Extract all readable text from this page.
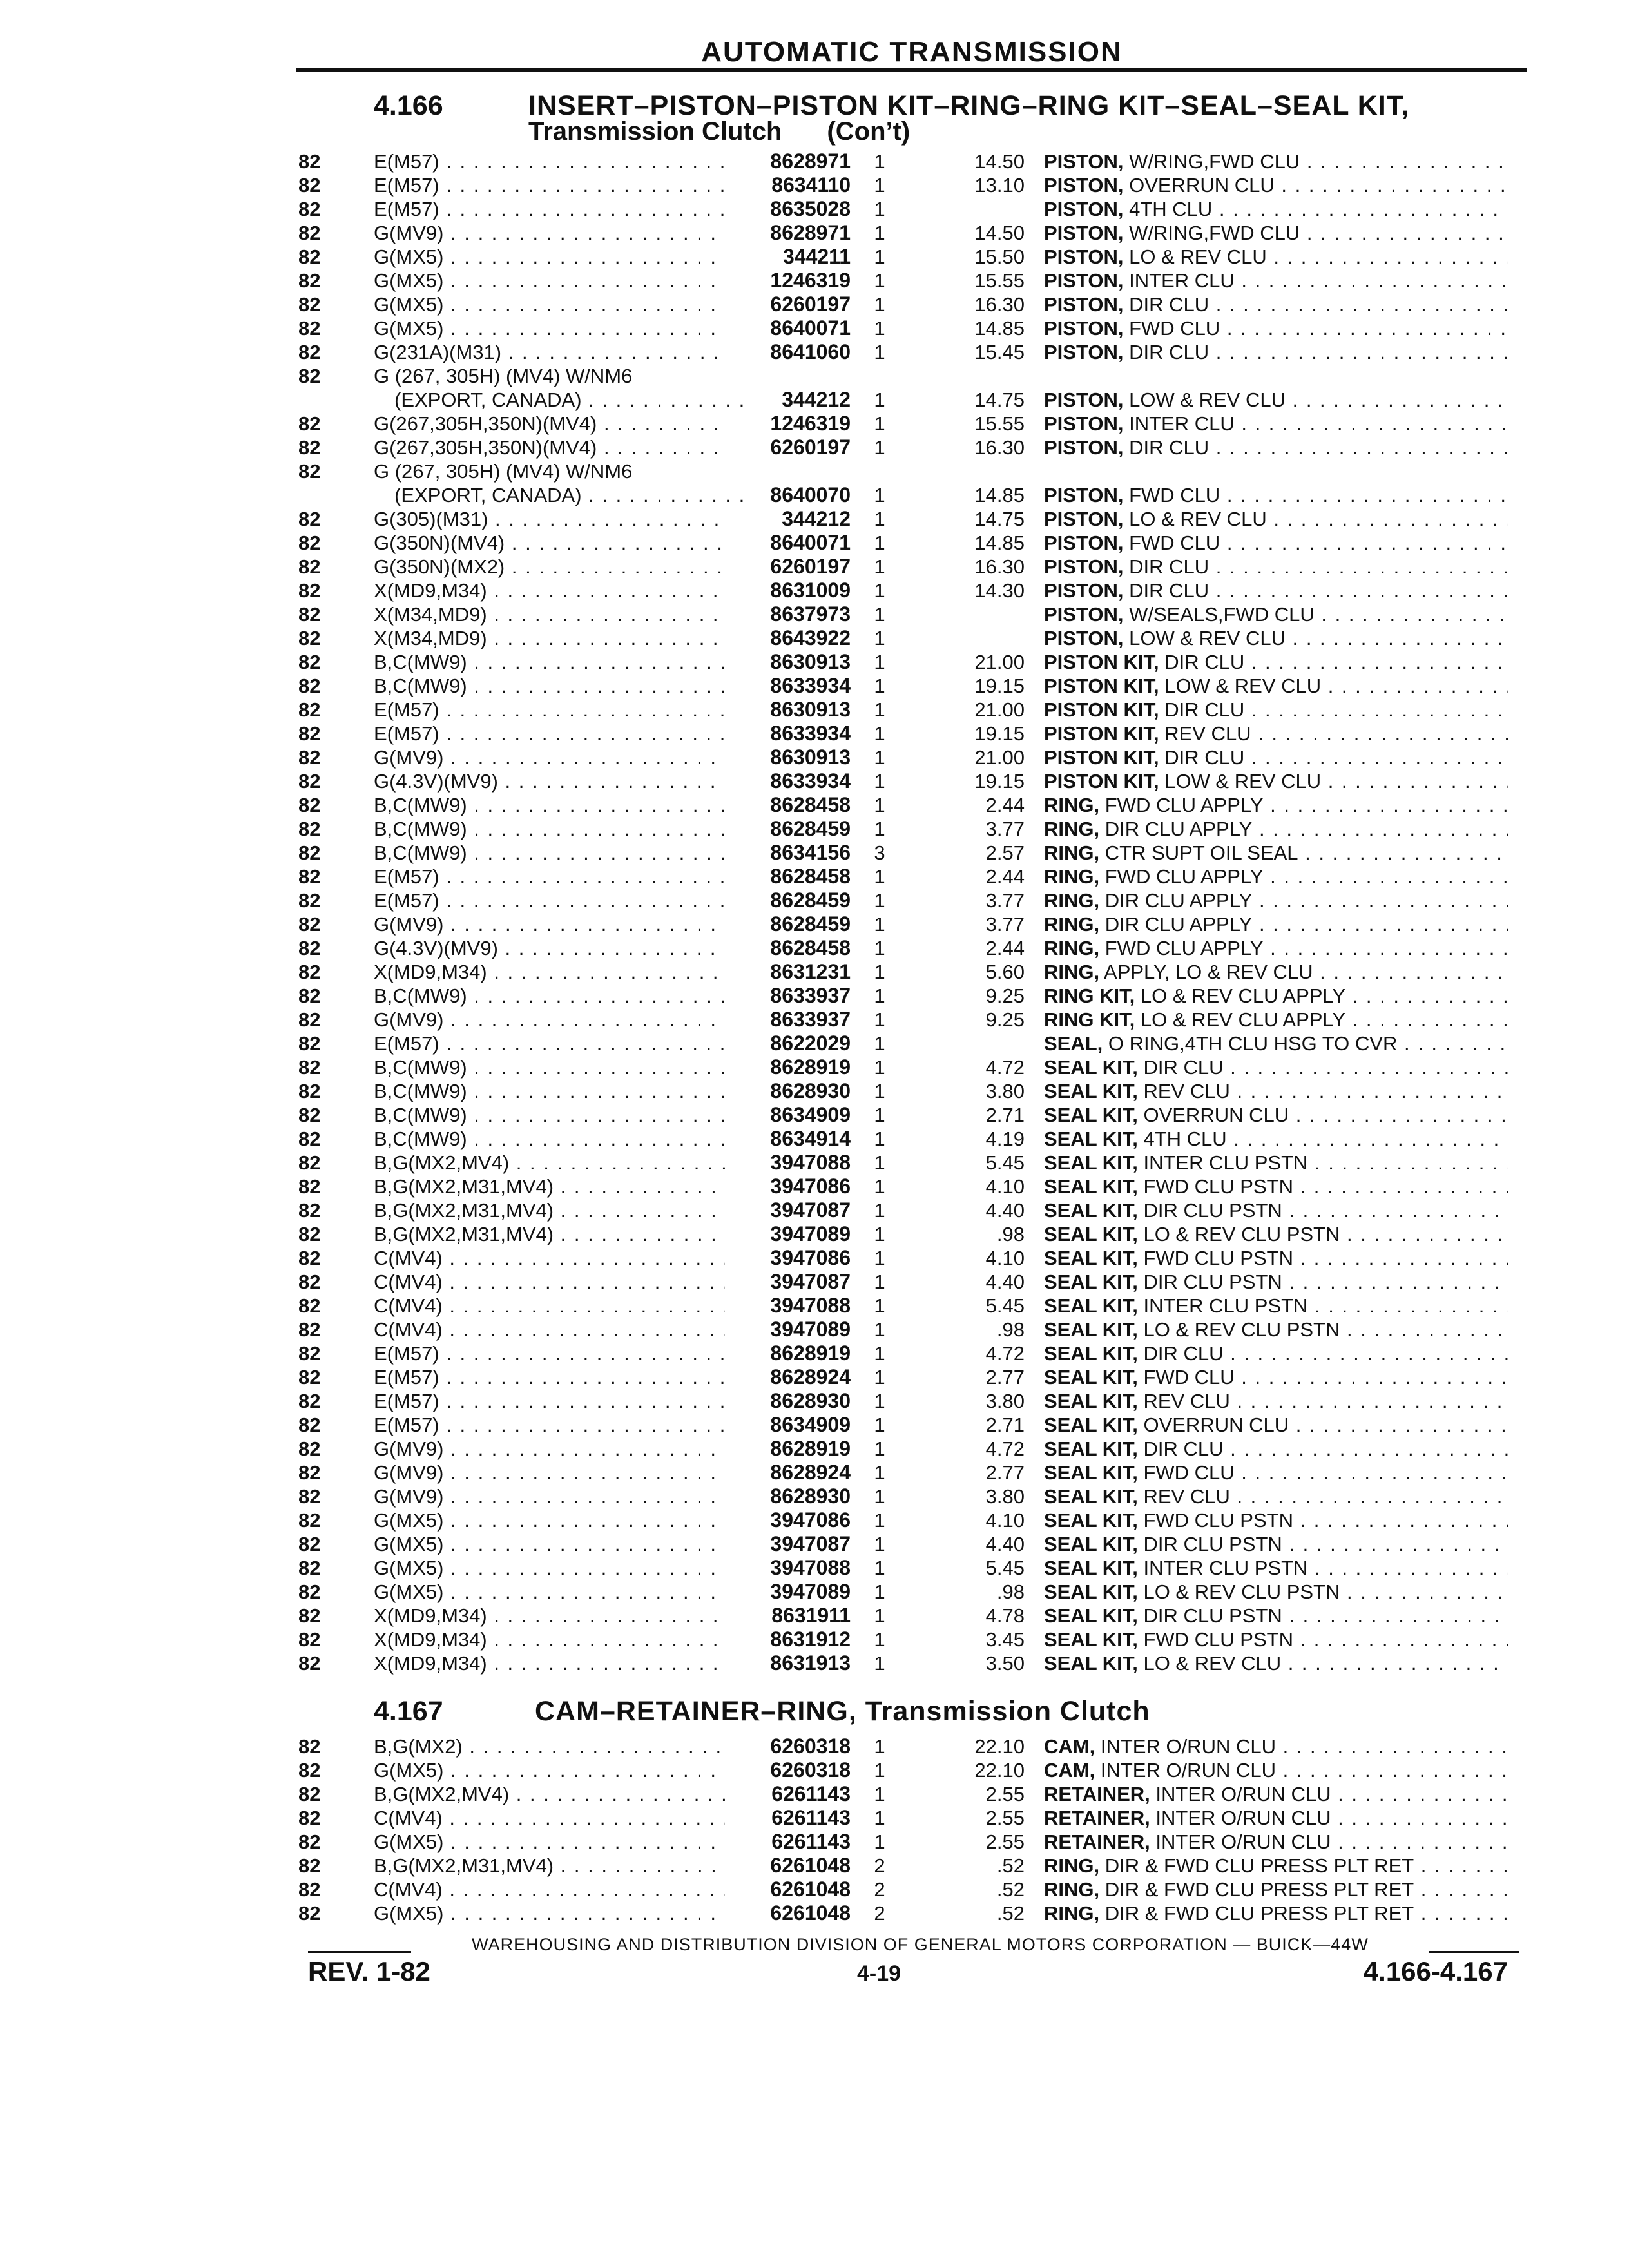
AUTOMATIC TRANSMISSION
4.166	INSERT–PISTON–PISTON KIT–RING–RING KIT–SEAL–SEAL KIT,
Transmission Clutch (Con’t)
82	E(M57) . . .	8628971	1	14.50 PISTON, W/RING,FWD CLU . . .
82	E(M57) . . .	8634110	1	13.10 PISTON, OVERRUN CLU . . .
82	E(M57) . . .	8635028	1	PISTON, 4TH CLU . . .
82	G(MV9) . . .	8628971	1	14.50 PISTON, W/RING,FWD CLU . . .
82	G(MX5) . . .	344211	1	15.50 PISTON, LO & REV CLU . . .
82	G(MX5) . . .	1246319	1	15.55 PISTON, INTER CLU . . .
82	G(MX5) . . .	6260197	1	16.30 PISTON, DIR CLU . . .
82	G(MX5) . . .	8640071	1	14.85 PISTON, FWD CLU . . .
82	G(231A)(M31) . . .	8641060	1	15.45 PISTON, DIR CLU . . .
82	G (267, 305H) (MV4) W/NM6
(EXPORT, CANADA) . . .	344212	1	14.75 PISTON, LOW & REV CLU . . .
82	G(267,305H,350N)(MV4) . . .	1246319	1	15.55 PISTON, INTER CLU . . .
82	G(267,305H,350N)(MV4) . . .	6260197	1	16.30 PISTON, DIR CLU . . .
82	G (267, 305H) (MV4) W/NM6
(EXPORT, CANADA) . . .	8640070	1	14.85 PISTON, FWD CLU . . .
82	G(305)(M31) . . .	344212	1	14.75 PISTON, LO & REV CLU . . .
82	G(350N)(MV4) . . .	8640071	1	14.85 PISTON, FWD CLU . . .
82	G(350N)(MX2) . . .	6260197	1	16.30 PISTON, DIR CLU . . .
82	X(MD9,M34) . . .	8631009	1	14.30 PISTON, DIR CLU . . .
82	X(M34,MD9) . . .	8637973	1	PISTON, W/SEALS,FWD CLU . . .
82	X(M34,MD9) . . .	8643922	1	PISTON, LOW & REV CLU . . .
82	B,C(MW9) . . .	8630913	1	21.00 PISTON KIT, DIR CLU . . .
82	B,C(MW9) . . .	8633934	1	19.15 PISTON KIT, LOW & REV CLU . . .
82	E(M57) . . .	8630913	1	21.00 PISTON KIT, DIR CLU . . .
82	E(M57) . . .	8633934	1	19.15 PISTON KIT, REV CLU . . .
82	G(MV9) . . .	8630913	1	21.00 PISTON KIT, DIR CLU . . .
82	G(4.3V)(MV9) . . .	8633934	1	19.15 PISTON KIT, LOW & REV CLU . . .
82	B,C(MW9) . . .	8628458	1	2.44 RING, FWD CLU APPLY . . .
82	B,C(MW9) . . .	8628459	1	3.77 RING, DIR CLU APPLY . . .
82	B,C(MW9) . . .	8634156	3	2.57 RING, CTR SUPT OIL SEAL . . .
82	E(M57) . . .	8628458	1	2.44 RING, FWD CLU APPLY . . .
82	E(M57) . . .	8628459	1	3.77 RING, DIR CLU APPLY . . .
82	G(MV9) . . .	8628459	1	3.77 RING, DIR CLU APPLY . . .
82	G(4.3V)(MV9) . . .	8628458	1	2.44 RING, FWD CLU APPLY . . .
82	X(MD9,M34) . . .	8631231	1	5.60 RING, APPLY, LO & REV CLU . . .
82	B,C(MW9) . . .	8633937	1	9.25 RING KIT, LO & REV CLU APPLY . . .
82	G(MV9) . . .	8633937	1	9.25 RING KIT, LO & REV CLU APPLY . . .
82	E(M57) . . .	8622029	1	SEAL, O RING,4TH CLU HSG TO CVR . . .
82	B,C(MW9) . . .	8628919	1	4.72 SEAL KIT, DIR CLU . . .
82	B,C(MW9) . . .	8628930	1	3.80 SEAL KIT, REV CLU . . .
82	B,C(MW9) . . .	8634909	1	2.71 SEAL KIT, OVERRUN CLU . . .
82	B,C(MW9) . . .	8634914	1	4.19 SEAL KIT, 4TH CLU . . .
82	B,G(MX2,MV4) . . .	3947088	1	5.45 SEAL KIT, INTER CLU PSTN . . .
82	B,G(MX2,M31,MV4) . . .	3947086	1	4.10 SEAL KIT, FWD CLU PSTN . . .
82	B,G(MX2,M31,MV4) . . .	3947087	1	4.40 SEAL KIT, DIR CLU PSTN . . .
82	B,G(MX2,M31,MV4) . . .	3947089	1	.98 SEAL KIT, LO & REV CLU PSTN . . .
82	C(MV4) . . .	3947086	1	4.10 SEAL KIT, FWD CLU PSTN . . .
82	C(MV4) . . .	3947087	1	4.40 SEAL KIT, DIR CLU PSTN . . .
82	C(MV4) . . .	3947088	1	5.45 SEAL KIT, INTER CLU PSTN . . .
82	C(MV4) . . .	3947089	1	.98 SEAL KIT, LO & REV CLU PSTN . . .
82	E(M57) . . .	8628919	1	4.72 SEAL KIT, DIR CLU . . .
82	E(M57) . . .	8628924	1	2.77 SEAL KIT, FWD CLU . . .
82	E(M57) . . .	8628930	1	3.80 SEAL KIT, REV CLU . . .
82	E(M57) . . .	8634909	1	2.71 SEAL KIT, OVERRUN CLU . . .
82	G(MV9) . . .	8628919	1	4.72 SEAL KIT, DIR CLU . . .
82	G(MV9) . . .	8628924	1	2.77 SEAL KIT, FWD CLU . . .
82	G(MV9) . . .	8628930	1	3.80 SEAL KIT, REV CLU . . .
82	G(MX5) . . .	3947086	1	4.10 SEAL KIT, FWD CLU PSTN . . .
82	G(MX5) . . .	3947087	1	4.40 SEAL KIT, DIR CLU PSTN . . .
82	G(MX5) . . .	3947088	1	5.45 SEAL KIT, INTER CLU PSTN . . .
82	G(MX5) . . .	3947089	1	.98 SEAL KIT, LO & REV CLU PSTN . . .
82	X(MD9,M34) . . .	8631911	1	4.78 SEAL KIT, DIR CLU PSTN . . .
82	X(MD9,M34) . . .	8631912	1	3.45 SEAL KIT, FWD CLU PSTN . . .
82	X(MD9,M34) . . .	8631913	1	3.50 SEAL KIT, LO & REV CLU . . .
4.167	CAM–RETAINER–RING, Transmission Clutch
82	B,G(MX2) . . .	6260318	1	22.10 CAM, INTER O/RUN CLU . . .
82	G(MX5) . . .	6260318	1	22.10 CAM, INTER O/RUN CLU . . .
82	B,G(MX2,MV4) . . .	6261143	1	2.55 RETAINER, INTER O/RUN CLU . . .
82	C(MV4) . . .	6261143	1	2.55 RETAINER, INTER O/RUN CLU . . .
82	G(MX5) . . .	6261143	1	2.55 RETAINER, INTER O/RUN CLU . . .
82	B,G(MX2,M31,MV4) . . .	6261048	2	.52 RING, DIR & FWD CLU PRESS PLT RET . . .
82	C(MV4) . . .	6261048	2	.52 RING, DIR & FWD CLU PRESS PLT RET . . .
82	G(MX5) . . .	6261048	2	.52 RING, DIR & FWD CLU PRESS PLT RET . . .
WAREHOUSING AND DISTRIBUTION DIVISION OF GENERAL MOTORS CORPORATION — BUICK—44W
REV. 1-82	4-19	4.166-4.167
